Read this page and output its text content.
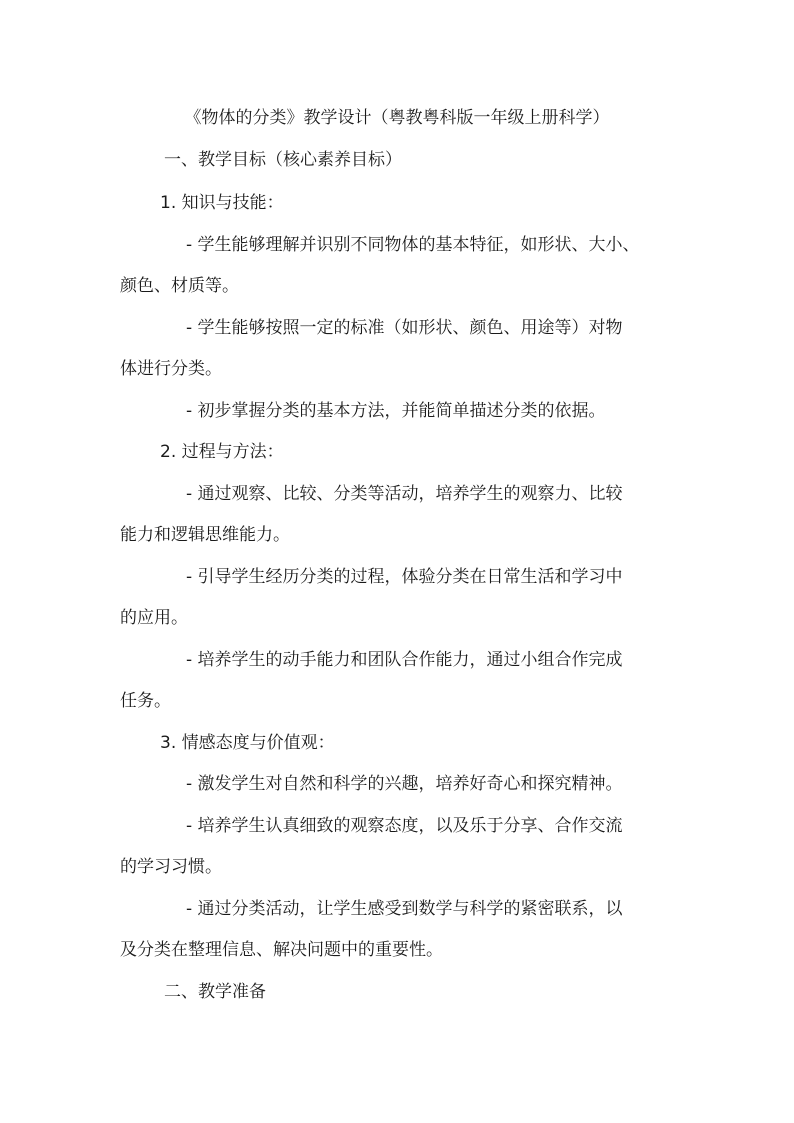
《物体的分类》教学设计（粤教粤科版一年级上册科学）
一、教学目标（核心素养目标）
1. 知识与技能：
- 学生能够理解并识别不同物体的基本特征，如形状、大小、
颜色、材质等。
- 学生能够按照一定的标准（如形状、颜色、用途等）对物
体进行分类。
- 初步掌握分类的基本方法，并能简单描述分类的依据。
2. 过程与方法：
- 通过观察、比较、分类等活动，培养学生的观察力、比较
能力和逻辑思维能力。
- 引导学生经历分类的过程，体验分类在日常生活和学习中
的应用。
- 培养学生的动手能力和团队合作能力，通过小组合作完成
任务。
3. 情感态度与价值观：
- 激发学生对自然和科学的兴趣，培养好奇心和探究精神。
- 培养学生认真细致的观察态度，以及乐于分享、合作交流
的学习习惯。
- 通过分类活动，让学生感受到数学与科学的紧密联系，以
及分类在整理信息、解决问题中的重要性。
二、教学准备
